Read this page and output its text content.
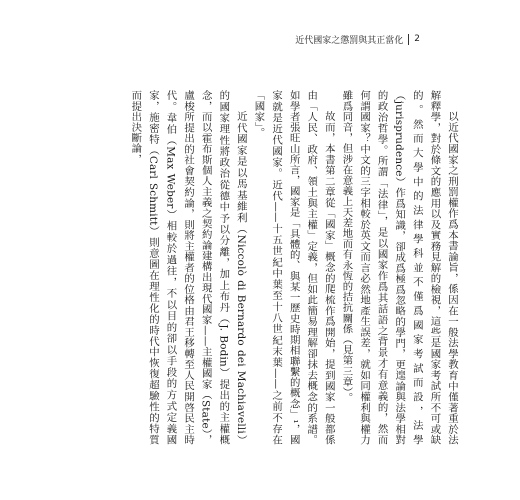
近代國家之懲罰與其正當化 2

以近代國家之刑罰權作爲本書論旨，係因在一般法學教育中僅著重於法解釋學，對於條文的應用以及實務見解的檢視，這些是國家考試所不可或缺的。然而大學中的法律學科並不僅爲國家考試而設，法學（jurisprudence）作爲知識，卻成爲極爲忽略的學門，更遑論與法學相對的政治哲學。所謂「法律」，是以國家作爲其話語之背景才有意義的，然而何謂國家？中文的三字相較於英文而言必然地產生誤差，就如同權利與權力雖爲同音，但涉在意義上天差地而有永恆的拮抗關係（見第三章）。

故而，本書第二章從「國家」概念的爬梳作爲開始，提到國家一般都係由「人民、政府、領土與主權」定義，但如此簡易理解卻抹去概念的系譜。如學者張旺山所言，國家是「具體的、與某一歷史時期相聯繫的概念」¹，國家就是近代國家。近代——十五世紀中葉至十八世紀末葉——之前不存在「國家」。

近代國家是以馬基維利（Niccolò di Bernardo dei Machiavelli）的國家理性將政治從德中予以分離，加上布丹（J. Bodin）提出的主權概念，而以霍布斯個人主義之契約論建構出現代國家——主權國家（State），盧梭所提出的社會契約論，則將主權者的位格由君王移轉至人民開啓民主時代。韋伯（Max Weber）相較於過往，不以目的卻以手段的方式定義國家，施密特（Carl Schmitt）則意圖在理性化的時代中恢復超驗性的特質而提出決斷論，
